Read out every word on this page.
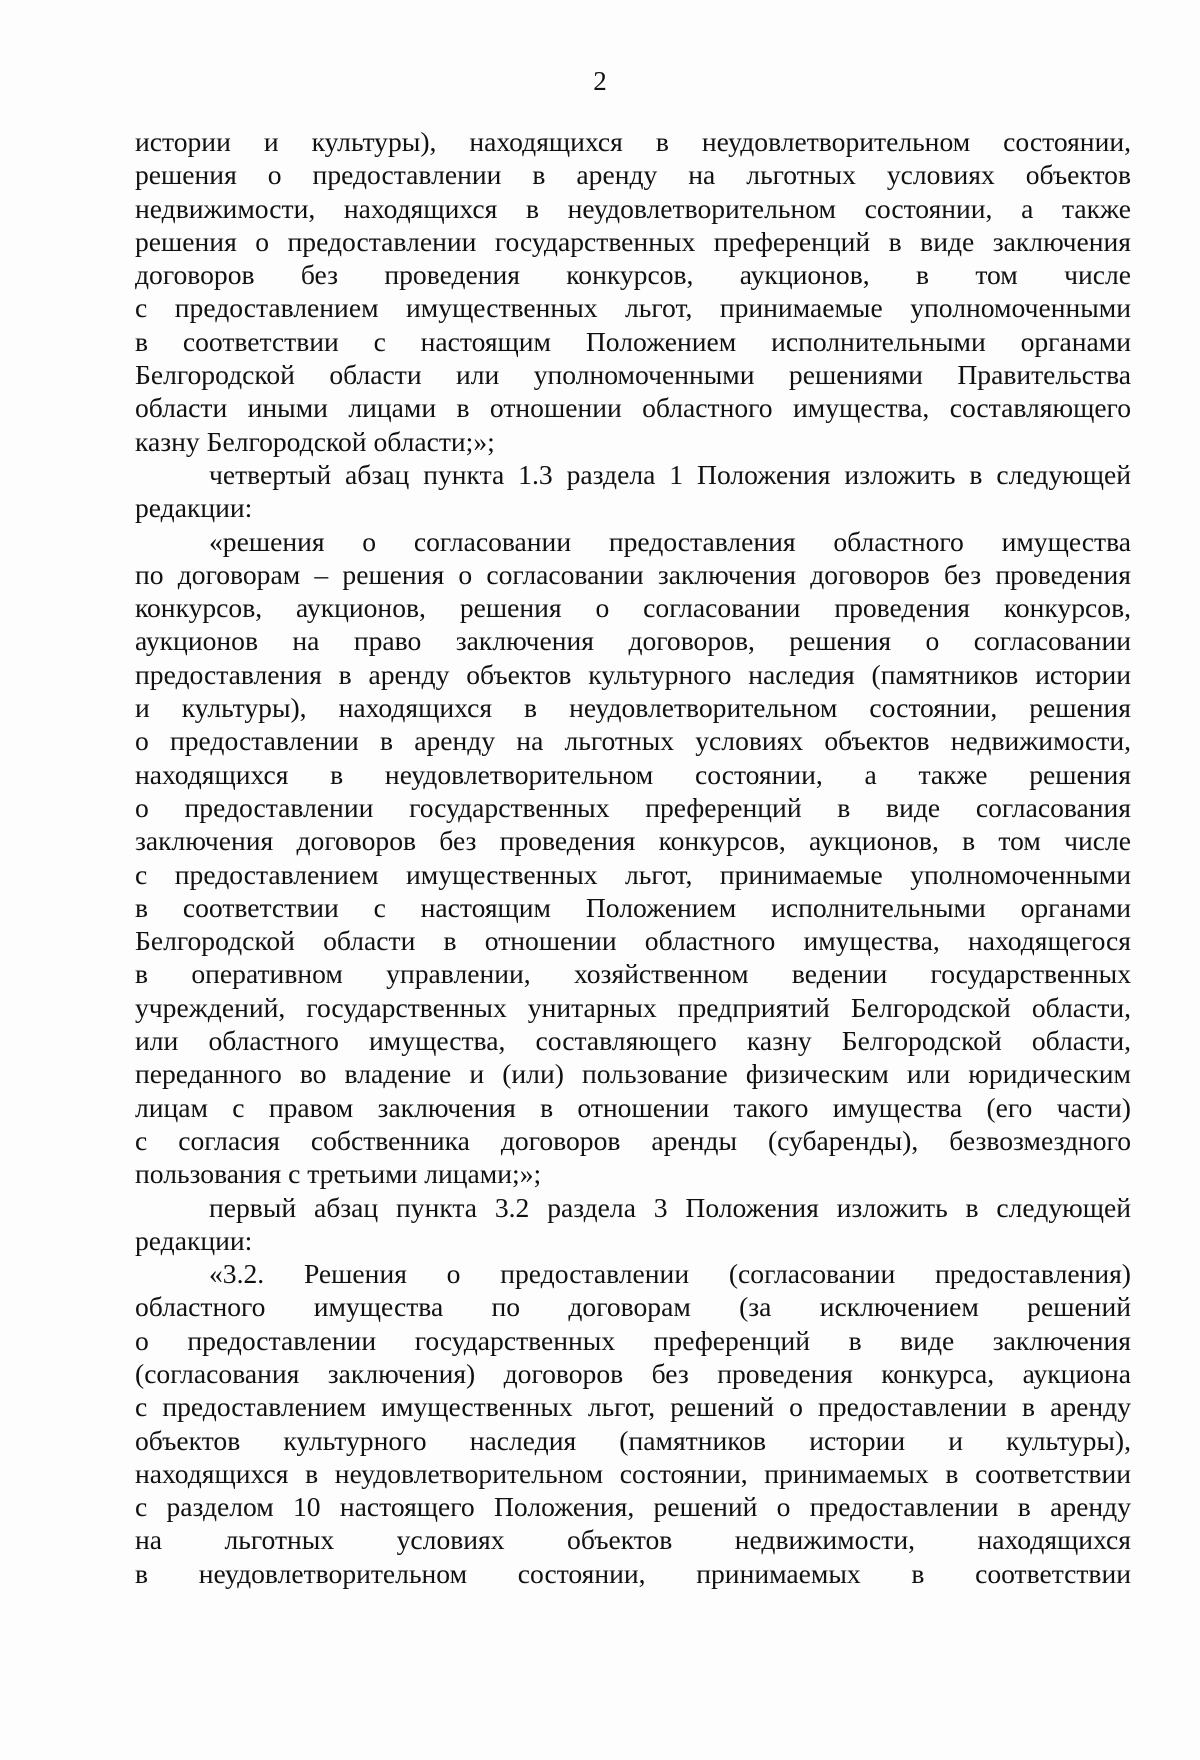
2
истории и культуры), находящихся в неудовлетворительном состоянии,
решения о предоставлении в аренду на льготных условиях объектов
недвижимости, находящихся в неудовлетворительном состоянии, а также
решения о предоставлении государственных преференций в виде заключения
договоров без проведения конкурсов, аукционов, в том числе
с предоставлением имущественных льгот, принимаемые уполномоченными
в соответствии с настоящим Положением исполнительными органами
Белгородской области или уполномоченными решениями Правительства
области иными лицами в отношении областного имущества, составляющего
казну Белгородской области;»;
четвертый абзац пункта 1.3 раздела 1 Положения изложить в следующей
редакции:
«решения о согласовании предоставления областного имущества
по договорам – решения о согласовании заключения договоров без проведения
конкурсов, аукционов, решения о согласовании проведения конкурсов,
аукционов на право заключения договоров, решения о согласовании
предоставления в аренду объектов культурного наследия (памятников истории
и культуры), находящихся в неудовлетворительном состоянии, решения
о предоставлении в аренду на льготных условиях объектов недвижимости,
находящихся в неудовлетворительном состоянии, а также решения
о предоставлении государственных преференций в виде согласования
заключения договоров без проведения конкурсов, аукционов, в том числе
с предоставлением имущественных льгот, принимаемые уполномоченными
в соответствии с настоящим Положением исполнительными органами
Белгородской области в отношении областного имущества, находящегося
в оперативном управлении, хозяйственном ведении государственных
учреждений, государственных унитарных предприятий Белгородской области,
или областного имущества, составляющего казну Белгородской области,
переданного во владение и (или) пользование физическим или юридическим
лицам с правом заключения в отношении такого имущества (его части)
с согласия собственника договоров аренды (субаренды), безвозмездного
пользования с третьими лицами;»;
первый абзац пункта 3.2 раздела 3 Положения изложить в следующей
редакции:
«3.2. Решения о предоставлении (согласовании предоставления)
областного имущества по договорам (за исключением решений
о предоставлении государственных преференций в виде заключения
(согласования заключения) договоров без проведения конкурса, аукциона
с предоставлением имущественных льгот, решений о предоставлении в аренду
объектов культурного наследия (памятников истории и культуры),
находящихся в неудовлетворительном состоянии, принимаемых в соответствии
с разделом 10 настоящего Положения, решений о предоставлении в аренду
на льготных условиях объектов недвижимости, находящихся
в неудовлетворительном состоянии, принимаемых в соответствии
